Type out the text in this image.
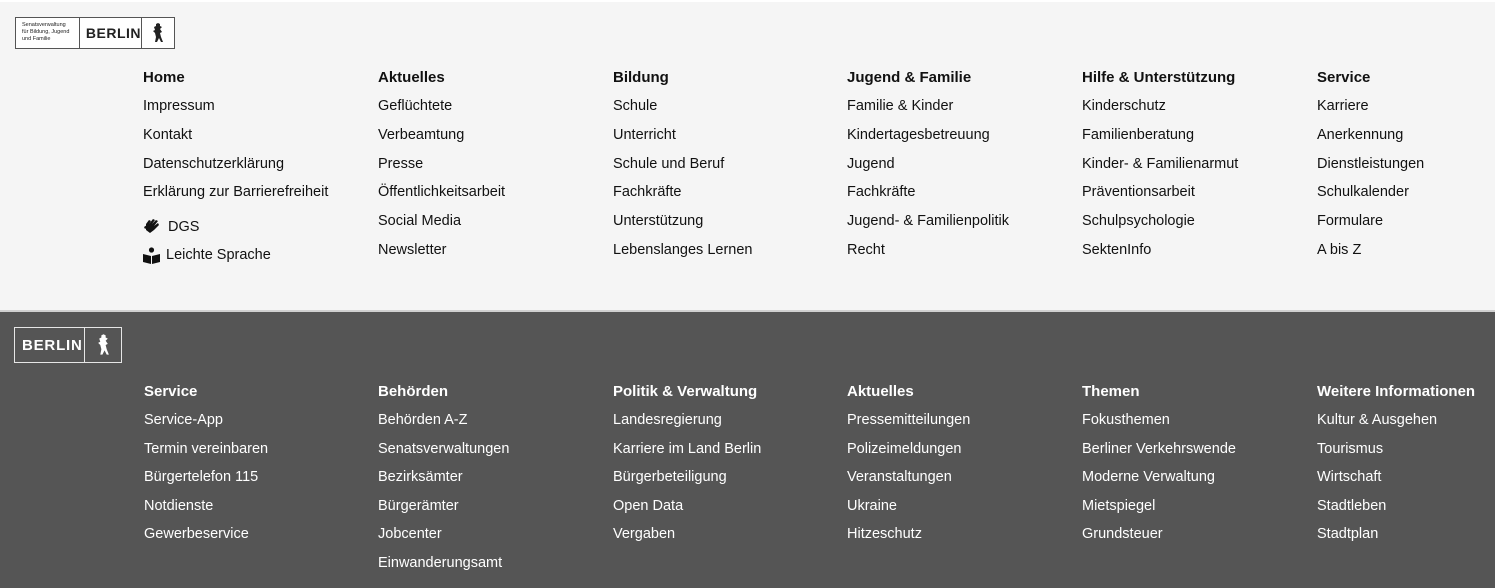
Senatsverwaltung
für Bildung, Jugend
und Familie	BERLIN
Home
Impressum
Kontakt
Datenschutzerklärung
Erklärung zur Barrierefreiheit
DGS
Leichte Sprache
Aktuelles
Geflüchtete
Verbeamtung
Presse
Öffentlichkeitsarbeit
Social Media
Newsletter
Bildung
Schule
Unterricht
Schule und Beruf
Fachkräfte
Unterstützung
Lebenslanges Lernen
Jugend & Familie
Familie & Kinder
Kindertagesbetreuung
Jugend
Fachkräfte
Jugend- & Familienpolitik
Recht
Hilfe & Unterstützung
Kinderschutz
Familienberatung
Kinder- & Familienarmut
Präventionsarbeit
Schulpsychologie
SektenInfo
Service
Karriere
Anerkennung
Dienstleistungen
Schulkalender
Formulare
A bis Z
BERLIN
Service
Service-App
Termin vereinbaren
Bürgertelefon 115
Notdienste
Gewerbeservice
Behörden
Behörden A-Z
Senatsverwaltungen
Bezirksämter
Bürgerämter
Jobcenter
Einwanderungsamt
Politik & Verwaltung
Landesregierung
Karriere im Land Berlin
Bürgerbeteiligung
Open Data
Vergaben
Aktuelles
Pressemitteilungen
Polizeimeldungen
Veranstaltungen
Ukraine
Hitzeschutz
Themen
Fokusthemen
Berliner Verkehrswende
Moderne Verwaltung
Mietspiegel
Grundsteuer
Weitere Informationen
Kultur & Ausgehen
Tourismus
Wirtschaft
Stadtleben
Stadtplan
